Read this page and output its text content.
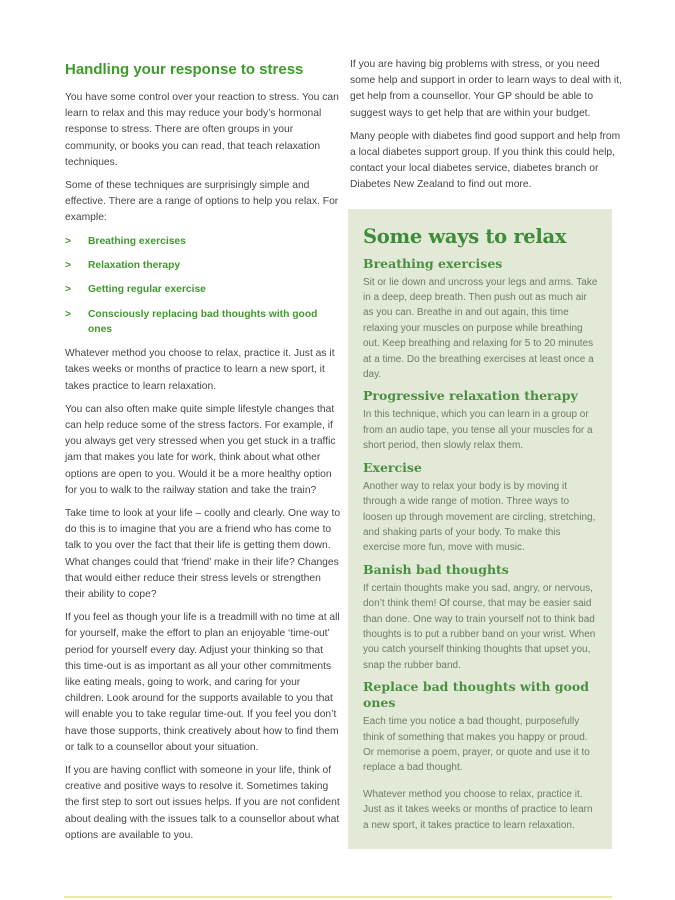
Handling your response to stress

You have some control over your reaction to stress. You can learn to relax and this may reduce your body’s hormonal response to stress. There are often groups in your community, or books you can read, that teach relaxation techniques.

Some of these techniques are surprisingly simple and effective. There are a range of options to help you relax. For example:

>	Breathing exercises
>	Relaxation therapy
>	Getting regular exercise
>	Consciously replacing bad thoughts with good ones

Whatever method you choose to relax, practice it. Just as it takes weeks or months of practice to learn a new sport, it takes practice to learn relaxation.

You can also often make quite simple lifestyle changes that can help reduce some of the stress factors. For example, if you always get very stressed when you get stuck in a traffic jam that makes you late for work, think about what other options are open to you. Would it be a more healthy option for you to walk to the railway station and take the train?

Take time to look at your life – coolly and clearly. One way to do this is to imagine that you are a friend who has come to talk to you over the fact that their life is getting them down. What changes could that ‘friend’ make in their life? Changes that would either reduce their stress levels or strengthen their ability to cope?

If you feel as though your life is a treadmill with no time at all for yourself, make the effort to plan an enjoyable ‘time-out’ period for yourself every day. Adjust your thinking so that this time-out is as important as all your other commitments like eating meals, going to work, and caring for your children. Look around for the supports available to you that will enable you to take regular time-out. If you feel you don’t have those supports, think creatively about how to find them or talk to a counsellor about your situation.

If you are having conflict with someone in your life, think of creative and positive ways to resolve it. Sometimes taking the first step to sort out issues helps. If you are not confident about dealing with the issues talk to a counsellor about what options are available to you.

If you are having big problems with stress, or you need some help and support in order to learn ways to deal with it, get help from a counsellor. Your GP should be able to suggest ways to get help that are within your budget.

Many people with diabetes find good support and help from a local diabetes support group. If you think this could help, contact your local diabetes service, diabetes branch or Diabetes New Zealand to find out more.

Some ways to relax
Breathing exercises

Sit or lie down and uncross your legs and arms. Take in a deep, deep breath. Then push out as much air as you can. Breathe in and out again, this time relaxing your muscles on purpose while breathing out. Keep breathing and relaxing for 5 to 20 minutes at a time. Do the breathing exercises at least once a day.

Progressive relaxation therapy

In this technique, which you can learn in a group or from an audio tape, you tense all your muscles for a short period, then slowly relax them.

Exercise

Another way to relax your body is by moving it through a wide range of motion. Three ways to loosen up through movement are circling, stretching, and shaking parts of your body. To make this exercise more fun, move with music.

Banish bad thoughts

If certain thoughts make you sad, angry, or nervous, don’t think them! Of course, that may be easier said than done. One way to train yourself not to think bad thoughts is to put a rubber band on your wrist. When you catch yourself thinking thoughts that upset you, snap the rubber band.

Replace bad thoughts with good ones

Each time you notice a bad thought, purposefully think of something that makes you happy or proud. Or memorise a poem, prayer, or quote and use it to replace a bad thought.

Whatever method you choose to relax, practice it. Just as it takes weeks or months of practice to learn a new sport, it takes practice to learn relaxation.
